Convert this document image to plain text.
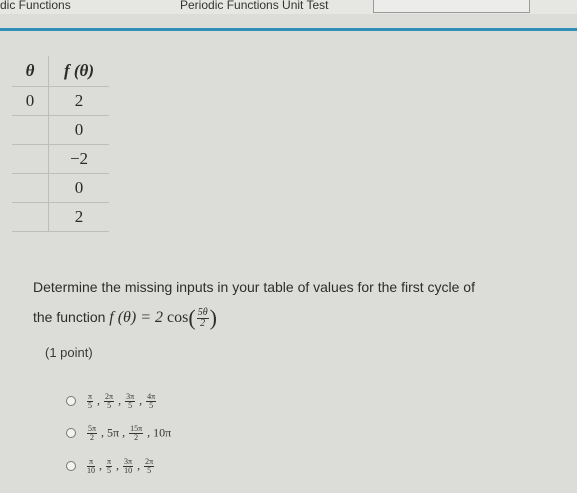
dic Functions	Periodic Functions Unit Test
θ	f (θ)
0	2
	0
	−2
	0
	2
Determine the missing inputs in your table of values for the first cycle of
the function f (θ) = 2 $\cos( \frac{5\theta}{2}$ )
(1 point)
$\frac{\pi}{5}$ , $\frac{2\pi}{5}$ , $\frac{3\pi}{5}$ , $\frac{4\pi}{5}$
$\frac{5\pi}{2}$ , 5π , $\frac{15\pi}{2}$ , 10π
$\frac{\pi}{10}$ , $\frac{\pi}{5}$ , $\frac{3\pi}{10}$ , $\frac{2\pi}{5}$
